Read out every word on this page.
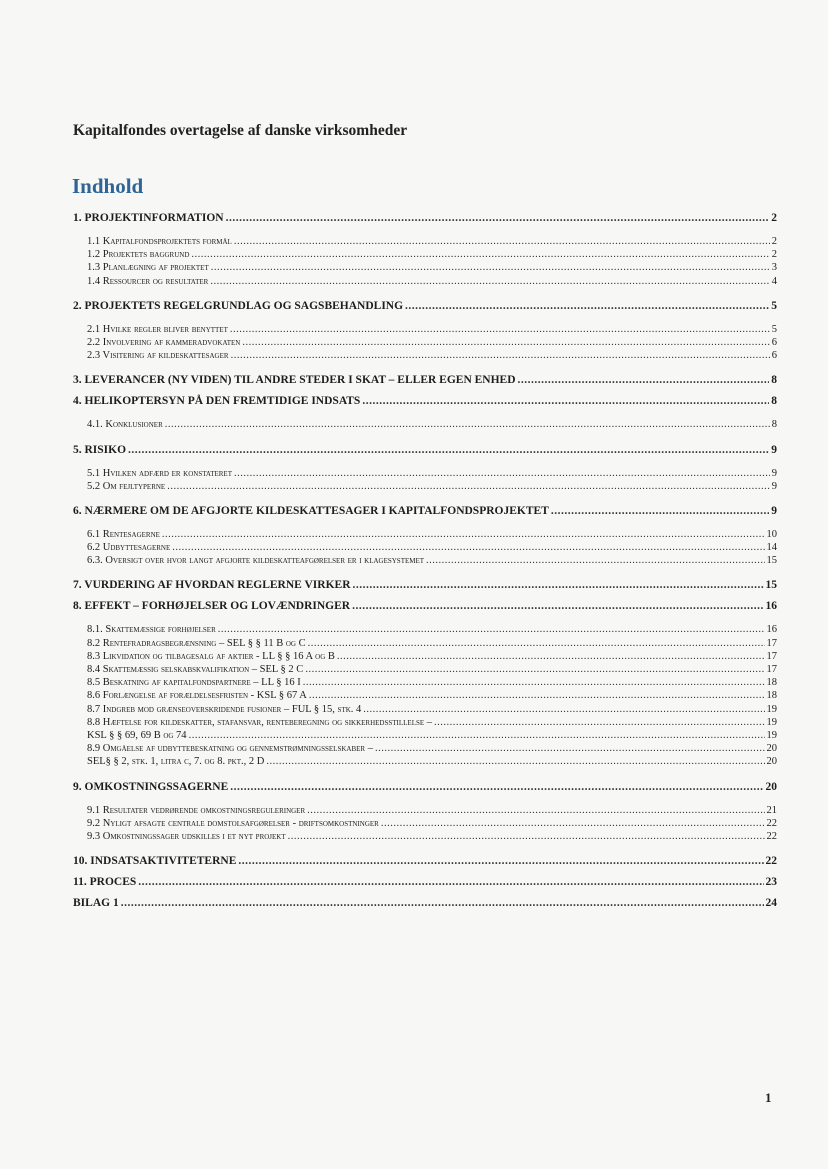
Kapitalfondes overtagelse af danske virksomheder
Indhold
1. PROJEKTINFORMATION .....	2
1.1 Kapitalfondsprojektets formål .....	2
1.2 Projektets baggrund .....	2
1.3 Planlægning af projektet .....	3
1.4 Ressourcer og resultater .....	4
2. PROJEKTETS REGELGRUNDLAG OG SAGSBEHANDLING .....	5
2.1 Hvilke regler bliver benyttet .....	5
2.2 Involvering af kammeradvokaten .....	6
2.3 Visitering af kildeskattesager .....	6
3. LEVERANCER (NY VIDEN) TIL ANDRE STEDER I SKAT – ELLER EGEN ENHED .....	8
4. HELIKOPTERSYN PÅ DEN FREMTIDIGE INDSATS .....	8
4.1. Konklusioner .....	8
5. RISIKO .....	9
5.1 Hvilken adfærd er konstateret .....	9
5.2 Om fejltyperne .....	9
6. NÆRMERE OM DE AFGJORTE KILDESKATTESAGER I KAPITALFONDSPROJEKTET .....	9
6.1 Rentesagerne .....	10
6.2 Udbyttesagerne .....	14
6.3. Oversigt over hvor langt afgjorte kildeskatteafgørelser er i klagesystemet .....	15
7. VURDERING AF HVORDAN REGLERNE VIRKER .....	15
8. EFFEKT – FORHØJELSER OG LOVÆNDRINGER .....	16
8.1. Skattemæssige forhøjelser .....	16
8.2 Rentefradragsbegrænsning – SEL § § 11 B og C .....	17
8.3 Likvidation og tilbagesalg af aktier - LL § § 16 A og B .....	17
8.4 Skattemæssig selskabskvalifikation – SEL § 2 C .....	17
8.5 Beskatning af kapitalfondspartnere – LL § 16 I .....	18
8.6 Forlængelse af forældelsesfristen - KSL § 67 A .....	18
8.7 Indgreb mod grænseoverskridende fusioner – FUL § 15, stk. 4 .....	19
8.8 Hæftelse for kildeskatter, stafansvar, renteberegning og sikkerhedsstillelse – .....	19
KSL § § 69, 69 B og 74 .....	19
8.9 Omgåelse af udbyttebeskatning og gennemstrømningsselskaber – .....	20
SEL§ § 2, stk. 1, litra c, 7. og 8. pkt., 2 D .....	20
9. OMKOSTNINGSSAGERNE .....	20
9.1 Resultater vedrørende omkostningsreguleringer .....	21
9.2 Nyligt afsagte centrale domstolsafgørelser - driftsomkostninger .....	22
9.3 Omkostningssager udskilles i et nyt projekt .....	22
10. INDSATSAKTIVITETERNE .....	22
11. PROCES .....	23
BILAG 1 .....	24
1
